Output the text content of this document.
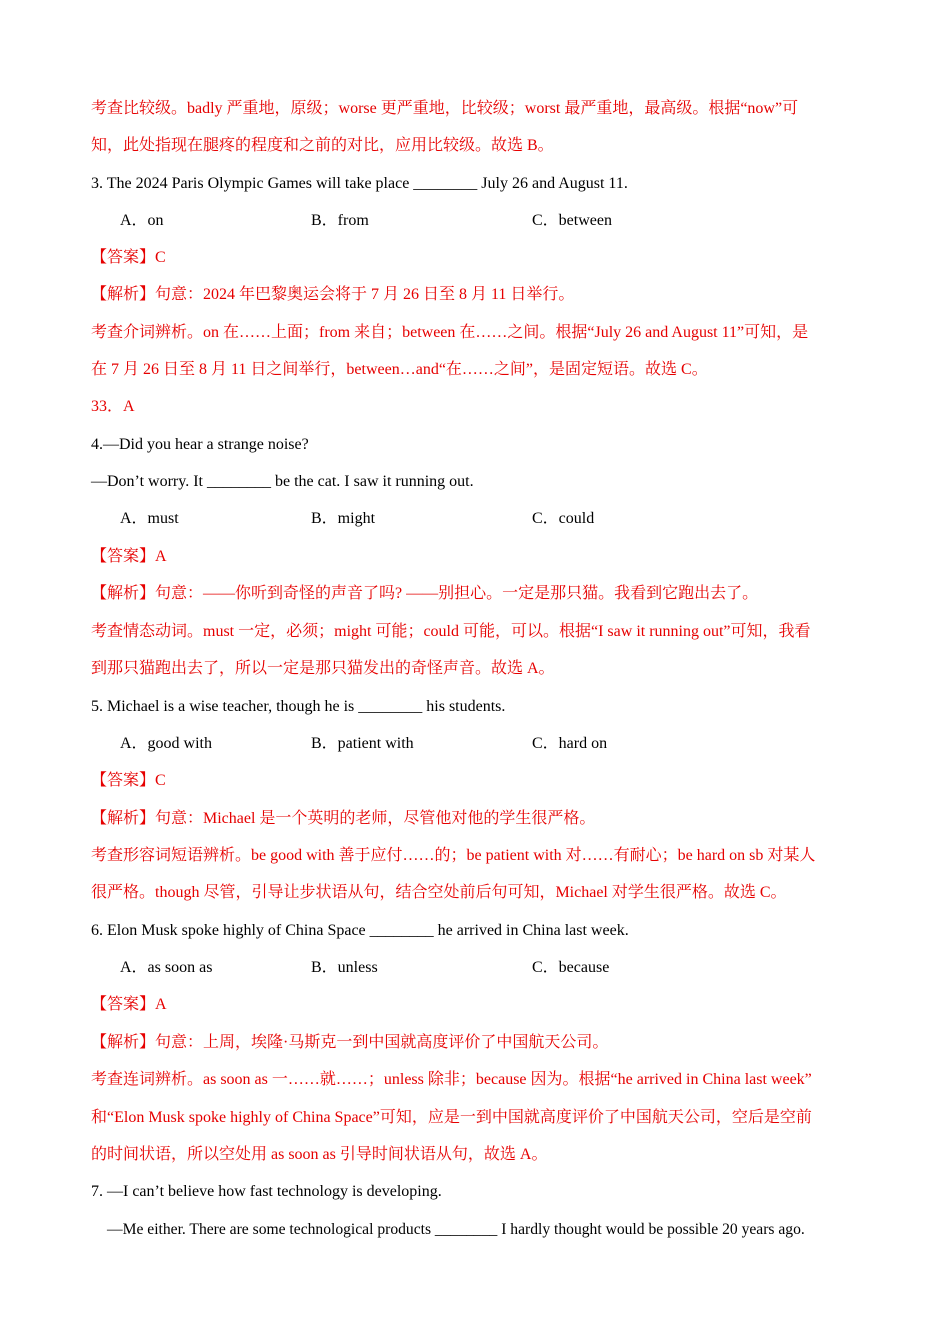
考查比较级。badly 严重地，原级；worse 更严重地，比较级；worst 最严重地，最高级。根据“now”可
知，此处指现在腿疼的程度和之前的对比，应用比较级。故选 B。
3. The 2024 Paris Olympic Games will take place ________ July 26 and August 11.
A．on	B．from	C．between
【答案】C
【解析】句意：2024 年巴黎奥运会将于 7 月 26 日至 8 月 11 日举行。
考查介词辨析。on 在……上面；from 来自；between 在……之间。根据“July 26 and August 11”可知，是
在 7 月 26 日至 8 月 11 日之间举行，between…and“在……之间”，是固定短语。故选 C。
33．A
4.—Did you hear a strange noise?
—Don’t worry. It ________ be the cat. I saw it running out.
A．must	B．might	C．could
【答案】A
【解析】句意：——你听到奇怪的声音了吗? ——别担心。一定是那只猫。我看到它跑出去了。
考查情态动词。must 一定，必须；might 可能；could 可能，可以。根据“I saw it running out”可知，我看
到那只猫跑出去了，所以一定是那只猫发出的奇怪声音。故选 A。
5. Michael is a wise teacher, though he is ________ his students.
A．good with	B．patient with	C．hard on
【答案】C
【解析】句意：Michael 是一个英明的老师，尽管他对他的学生很严格。
考查形容词短语辨析。be good with 善于应付……的；be patient with 对……有耐心；be hard on sb 对某人
很严格。though 尽管，引导让步状语从句，结合空处前后句可知，Michael 对学生很严格。故选 C。
6. Elon Musk spoke highly of China Space ________ he arrived in China last week.
A．as soon as	B．unless	C．because
【答案】A
【解析】句意：上周，埃隆·马斯克一到中国就高度评价了中国航天公司。
考查连词辨析。as soon as 一……就……；unless 除非；because 因为。根据“he arrived in China last week”
和“Elon Musk spoke highly of China Space”可知，应是一到中国就高度评价了中国航天公司，空后是空前
的时间状语，所以空处用 as soon as 引导时间状语从句，故选 A。
7. —I can’t believe how fast technology is developing.
—Me either. There are some technological products ________ I hardly thought would be possible 20 years ago.
